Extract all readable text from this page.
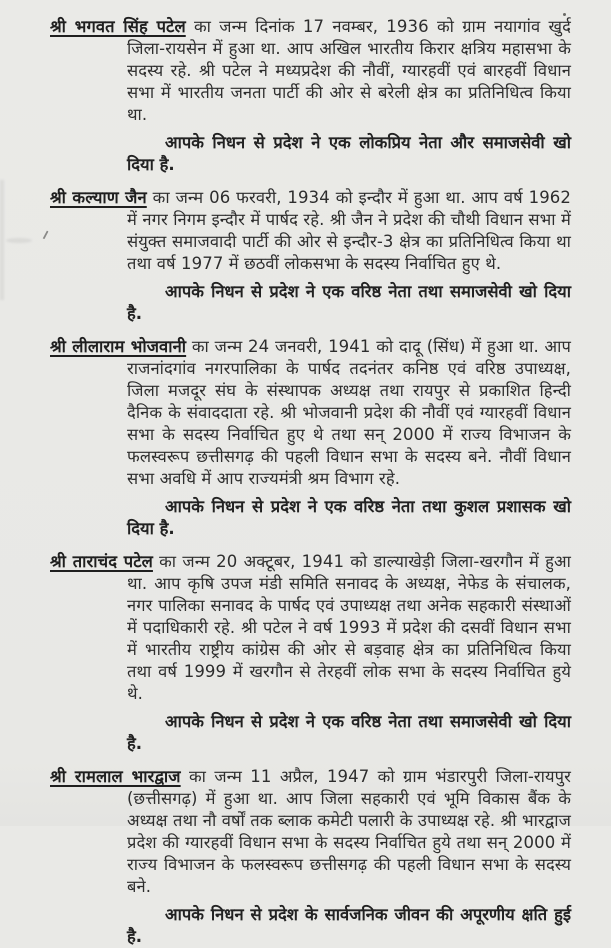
श्री भगवत सिंह पटेल का जन्म दिनांक 17 नवम्बर, 1936 को ग्राम नयागांव खुर्द जिला-रायसेन में हुआ था. आप अखिल भारतीय किरार क्षत्रिय महासभा के सदस्य रहे. श्री पटेल ने मध्यप्रदेश की नौवीं, ग्यारहवीं एवं बारहवीं विधान सभा में भारतीय जनता पार्टी की ओर से बरेली क्षेत्र का प्रतिनिधित्व किया था.

आपके निधन से प्रदेश ने एक लोकप्रिय नेता और समाजसेवी खो दिया है.

श्री कल्याण जैन का जन्म 06 फरवरी, 1934 को इन्दौर में हुआ था. आप वर्ष 1962 में नगर निगम इन्दौर में पार्षद रहे. श्री जैन ने प्रदेश की चौथी विधान सभा में संयुक्त समाजवादी पार्टी की ओर से इन्दौर-3 क्षेत्र का प्रतिनिधित्व किया था तथा वर्ष 1977 में छठवीं लोकसभा के सदस्य निर्वाचित हुए थे.

आपके निधन से प्रदेश ने एक वरिष्ठ नेता तथा समाजसेवी खो दिया है.

श्री लीलाराम भोजवानी का जन्म 24 जनवरी, 1941 को दादू (सिंध) में हुआ था. आप राजनांदगांव नगरपालिका के पार्षद तदनंतर कनिष्ठ एवं वरिष्ठ उपाध्यक्ष, जिला मजदूर संघ के संस्थापक अध्यक्ष तथा रायपुर से प्रकाशित हिन्दी दैनिक के संवाददाता रहे. श्री भोजवानी प्रदेश की नौवीं एवं ग्यारहवीं विधान सभा के सदस्य निर्वाचित हुए थे तथा सन् 2000 में राज्य विभाजन के फलस्वरूप छत्तीसगढ़ की पहली विधान सभा के सदस्य बने. नौवीं विधान सभा अवधि में आप राज्यमंत्री श्रम विभाग रहे.

आपके निधन से प्रदेश ने एक वरिष्ठ नेता तथा कुशल प्रशासक खो दिया है.

श्री ताराचंद पटेल का जन्म 20 अक्टूबर, 1941 को डाल्याखेड़ी जिला-खरगौन में हुआ था. आप कृषि उपज मंडी समिति सनावद के अध्यक्ष, नेफेड के संचालक, नगर पालिका सनावद के पार्षद एवं उपाध्यक्ष तथा अनेक सहकारी संस्थाओं में पदाधिकारी रहे. श्री पटेल ने वर्ष 1993 में प्रदेश की दसवीं विधान सभा में भारतीय राष्ट्रीय कांग्रेस की ओर से बड़वाह क्षेत्र का प्रतिनिधित्व किया तथा वर्ष 1999 में खरगौन से तेरहवीं लोक सभा के सदस्य निर्वाचित हुये थे.

आपके निधन से प्रदेश ने एक वरिष्ठ नेता तथा समाजसेवी खो दिया है.

श्री रामलाल भारद्वाज का जन्म 11 अप्रैल, 1947 को ग्राम भंडारपुरी जिला-रायपुर (छत्तीसगढ़) में हुआ था. आप जिला सहकारी एवं भूमि विकास बैंक के अध्यक्ष तथा नौ वर्षों तक ब्लाक कमेटी पलारी के उपाध्यक्ष रहे. श्री भारद्वाज प्रदेश की ग्यारहवीं विधान सभा के सदस्य निर्वाचित हुये तथा सन् 2000 में राज्य विभाजन के फलस्वरूप छत्तीसगढ़ की पहली विधान सभा के सदस्य बने.

आपके निधन से प्रदेश के सार्वजनिक जीवन की अपूरणीय क्षति हुई है.
